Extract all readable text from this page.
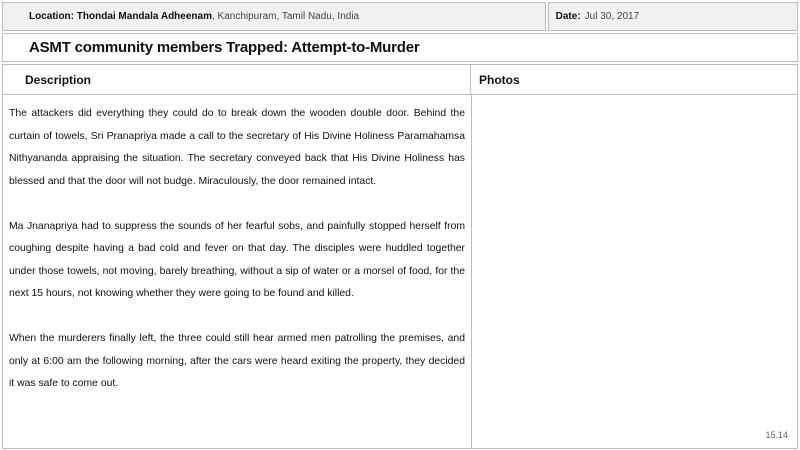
Location: Thondai Mandala Adheenam , Kanchipuram, Tamil Nadu, India	Date: Jul 30, 2017
ASMT community members Trapped: Attempt-to-Murder
Description	Photos

The attackers did everything they could do to break down the wooden double door. Behind the curtain of towels, Sri Pranapriya made a call to the secretary of His Divine Holiness Paramahamsa Nithyananda appraising the situation. The secretary conveyed back that His Divine Holiness has blessed and that the door will not budge. Miraculously, the door remained intact.

Ma Jnanapriya had to suppress the sounds of her fearful sobs, and painfully stopped herself from coughing despite having a bad cold and fever on that day. The disciples were huddled together under those towels, not moving, barely breathing, without a sip of water or a morsel of food, for the next 15 hours, not knowing whether they were going to be found and killed.

When the murderers finally left, the three could still hear armed men patrolling the premises, and only at 6:00 am the following morning, after the cars were heard exiting the property, they decided it was safe to come out.

15.14
